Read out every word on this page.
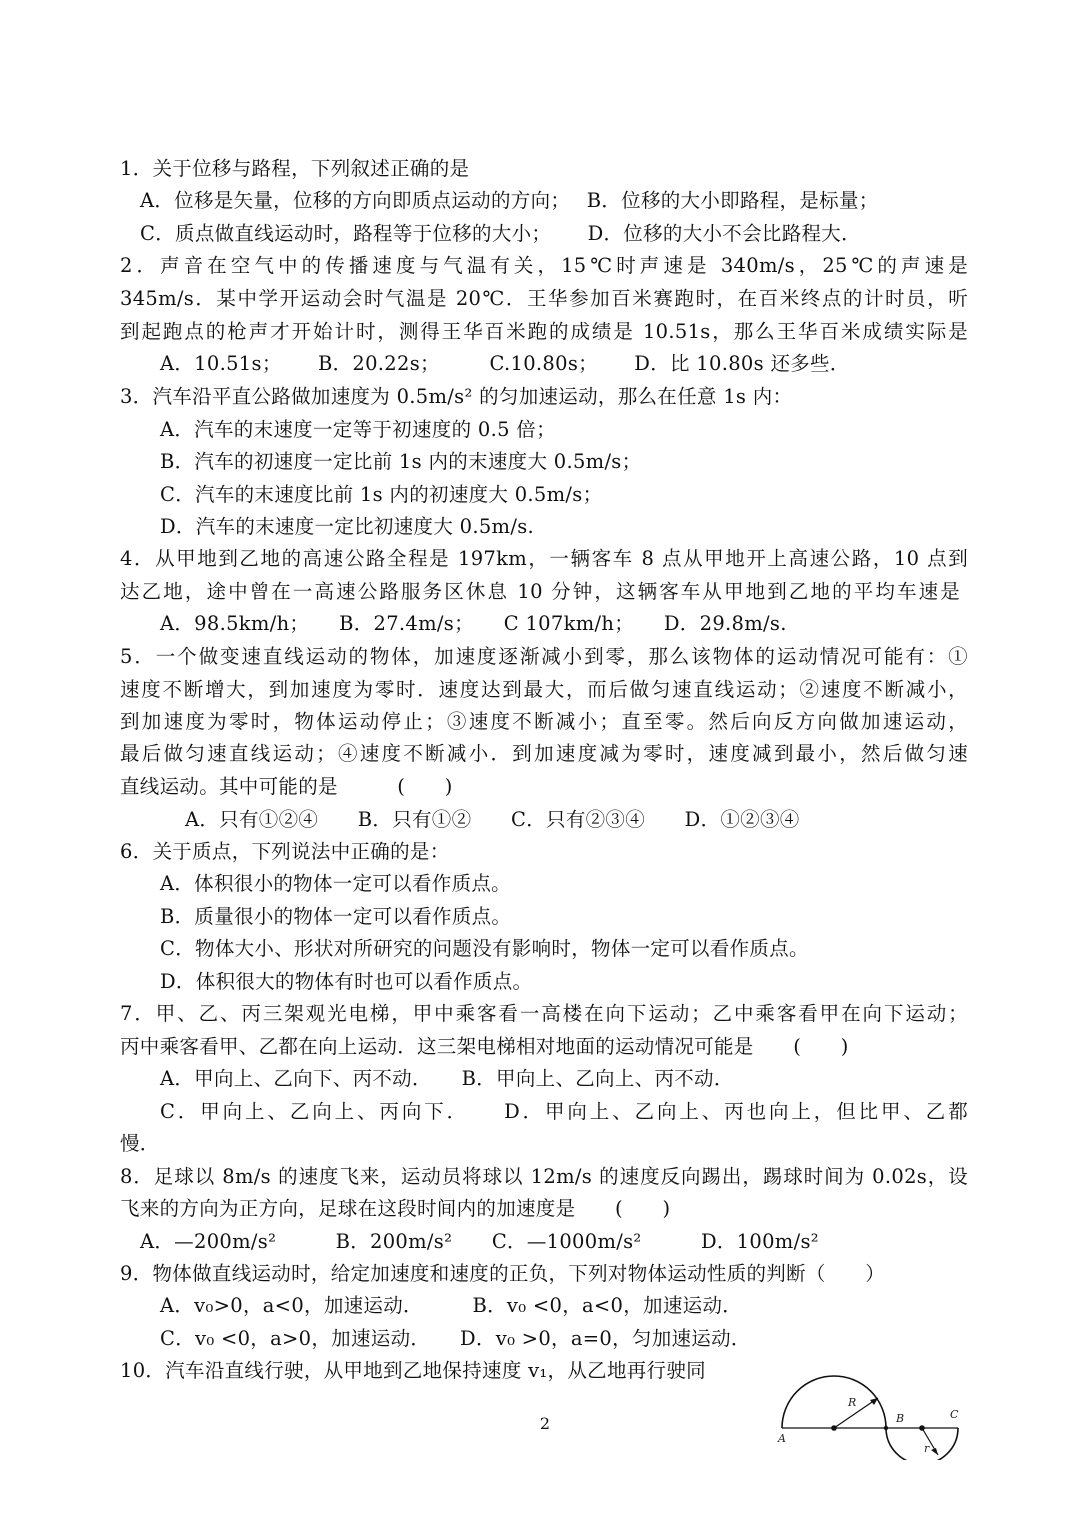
1．关于位移与路程，下列叙述正确的是
A．位移是矢量，位移的方向即质点运动的方向；　 B．位移的大小即路程，是标量；
C．质点做直线运动时，路程等于位移的大小；　　 D．位移的大小不会比路程大．
2．声音在空气中的传播速度与气温有关，15℃时声速是 340m/s，25℃的声速是
345m/s．某中学开运动会时气温是 20℃．王华参加百米赛跑时，在百米终点的计时员，听
到起跑点的枪声才开始计时，测得王华百米跑的成绩是 10.51s，那么王华百米成绩实际是
A．10.51s；　　 B．20.22s；　　　C.10.80s；　　 D．比 10.80s 还多些．
3．汽车沿平直公路做加速度为 0.5m/s² 的匀加速运动，那么在任意 1s 内：
A．汽车的末速度一定等于初速度的 0.5 倍；
B．汽车的初速度一定比前 1s 内的末速度大 0.5m/s；
C．汽车的末速度比前 1s 内的初速度大 0.5m/s；
D．汽车的末速度一定比初速度大 0.5m/s.
4．从甲地到乙地的高速公路全程是 197km，一辆客车 8 点从甲地开上高速公路，10 点到
达乙地，途中曾在一高速公路服务区休息 10 分钟，这辆客车从甲地到乙地的平均车速是
A．98.5km/h；　　B．27.4m/s；　　C 107km/h；　　D．29.8m/s.
5．一个做变速直线运动的物体，加速度逐渐减小到零，那么该物体的运动情况可能有：①
速度不断增大，到加速度为零时．速度达到最大，而后做匀速直线运动；②速度不断减小，
到加速度为零时，物体运动停止；③速度不断减小；直至零。然后向反方向做加速运动，
最后做匀速直线运动；④速度不断减小．到加速度减为零时，速度减到最小，然后做匀速
直线运动。其中可能的是　　　(　　)
A．只有①②④　　B．只有①②　　C．只有②③④　　D．①②③④
6．关于质点，下列说法中正确的是：
A．体积很小的物体一定可以看作质点。
B．质量很小的物体一定可以看作质点。
C．物体大小、形状对所研究的问题没有影响时，物体一定可以看作质点。
D．体积很大的物体有时也可以看作质点。
7．甲、乙、丙三架观光电梯，甲中乘客看一高楼在向下运动；乙中乘客看甲在向下运动；
丙中乘客看甲、乙都在向上运动．这三架电梯相对地面的运动情况可能是　　(　　)
A．甲向上、乙向下、丙不动．　　B．甲向上、乙向上、丙不动．
C．甲向上、乙向上、丙向下．　　D．甲向上、乙向上、丙也向上，但比甲、乙都
慢．
8．足球以 8m/s 的速度飞来，运动员将球以 12m/s 的速度反向踢出，踢球时间为 0.02s，设
飞来的方向为正方向，足球在这段时间内的加速度是　　(　　)
A．—200m/s²　　　B．200m/s²　　C．—1000m/s²　　　D．100m/s²
9．物体做直线运动时，给定加速度和速度的正负，下列对物体运动性质的判断（　　）
A．v₀>0，a<0，加速运动．　　　B．v₀ <0，a<0，加速运动．
C．v₀ <0，a>0，加速运动．　　D．v₀ >0，a=0，匀加速运动．
10．汽车沿直线行驶，从甲地到乙地保持速度 v₁，从乙地再行驶同
A
B	C
R
r
2
